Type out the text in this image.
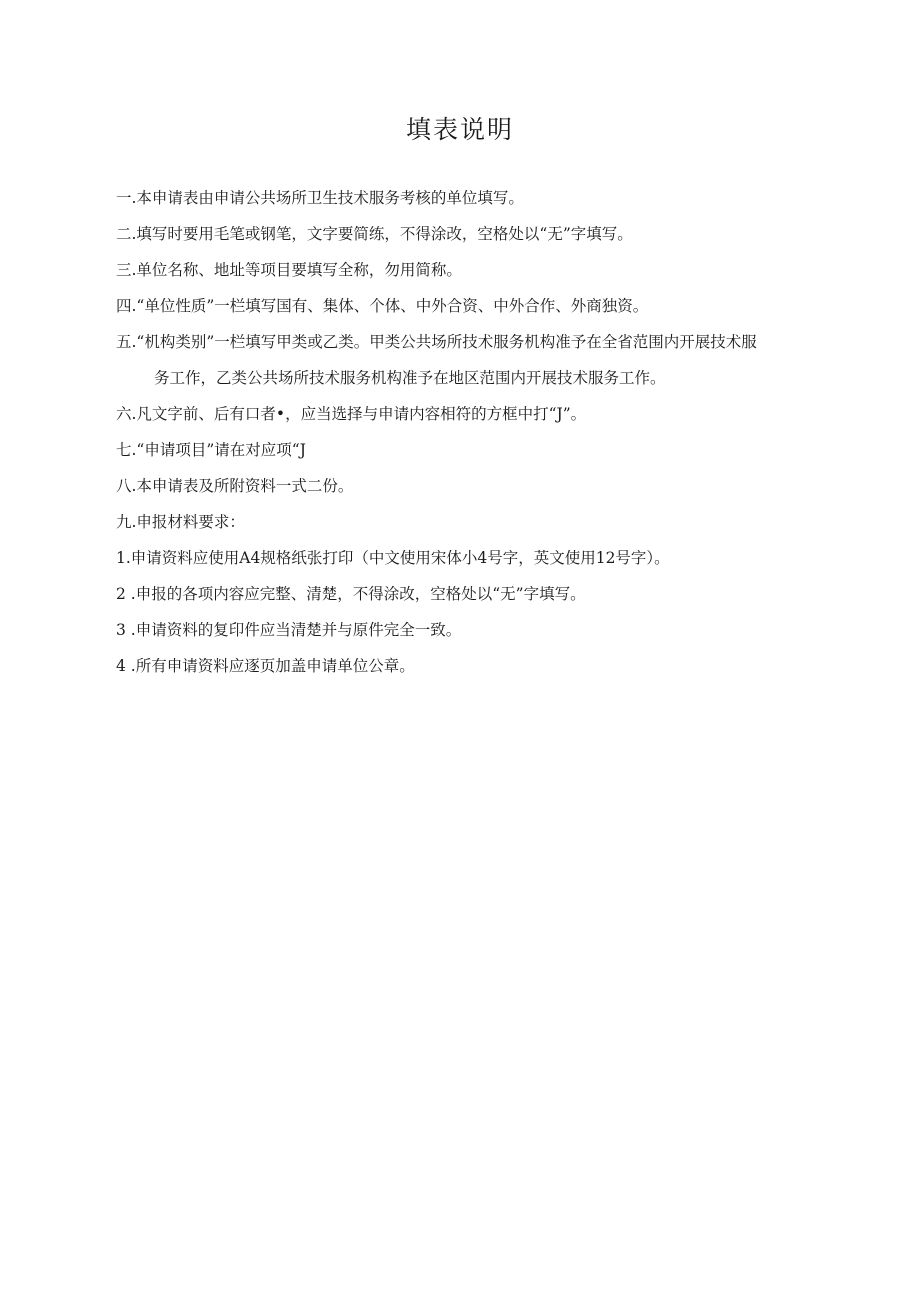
填表说明
一.本申请表由申请公共场所卫生技术服务考核的单位填写。
二.填写时要用毛笔或钢笔，文字要简练，不得涂改，空格处以“无”字填写。
三.单位名称、地址等项目要填写全称，勿用简称。
四.“单位性质”一栏填写国有、集体、个体、中外合资、中外合作、外商独资。
五.“机构类别”一栏填写甲类或乙类。甲类公共场所技术服务机构准予在全省范围内开展技术服
务工作，乙类公共场所技术服务机构准予在地区范围内开展技术服务工作。
六.凡文字前、后有口者•，应当选择与申请内容相符的方框中打“J”。
七.“申请项目”请在对应项“J
八.本申请表及所附资料一式二份。
九.申报材料要求：
1.申请资料应使用A4规格纸张打印（中文使用宋体小4号字，英文使用12号字）。
2 .申报的各项内容应完整、清楚，不得涂改，空格处以“无”字填写。
3 .申请资料的复印件应当清楚并与原件完全一致。
4 .所有申请资料应逐页加盖申请单位公章。
